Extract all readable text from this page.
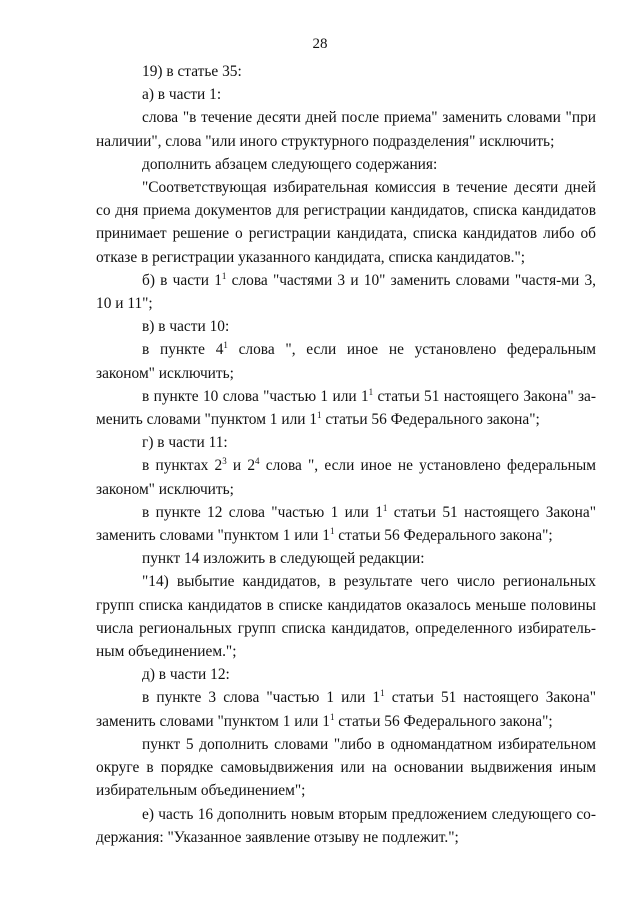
28

19) в статье 35:

а) в части 1:

слова "в течение десяти дней после приема" заменить словами "при наличии", слова "или иного структурного подразделения" исключить;

дополнить абзацем следующего содержания:

"Соответствующая избирательная комиссия в течение десяти дней со дня приема документов для регистрации кандидатов, списка кандидатов принимает решение о регистрации кандидата, списка кандидатов либо об отказе в регистрации указанного кандидата, списка кандидатов.";

б) в части $1^1$ слова "частями 3 и 10" заменить словами "частя-ми 3, 10 и 11";

в) в части 10:

в пункте $4^1$ слова ", если иное не установлено федеральным законом" исключить;

в пункте 10 слова "частью 1 или $1^1$ статьи 51 настоящего Закона" за-менить словами "пунктом 1 или $1^1$ статьи 56 Федерального закона";

г) в части 11:

в пунктах $2^3$ и $2^4$ слова ", если иное не установлено федеральным законом" исключить;

в пункте 12 слова "частью 1 или $1^1$ статьи 51 настоящего Закона" заменить словами "пунктом 1 или $1^1$ статьи 56 Федерального закона";

пункт 14 изложить в следующей редакции:

"14) выбытие кандидатов, в результате чего число региональных групп списка кандидатов в списке кандидатов оказалось меньше половины числа региональных групп списка кандидатов, определенного избиратель-ным объединением.";

д) в части 12:

в пункте 3 слова "частью 1 или $1^1$ статьи 51 настоящего Закона" заменить словами "пунктом 1 или $1^1$ статьи 56 Федерального закона";

пункт 5 дополнить словами "либо в одномандатном избирательном округе в порядке самовыдвижения или на основании выдвижения иным избирательным объединением";

е) часть 16 дополнить новым вторым предложением следующего со-держания: "Указанное заявление отзыву не подлежит.";
